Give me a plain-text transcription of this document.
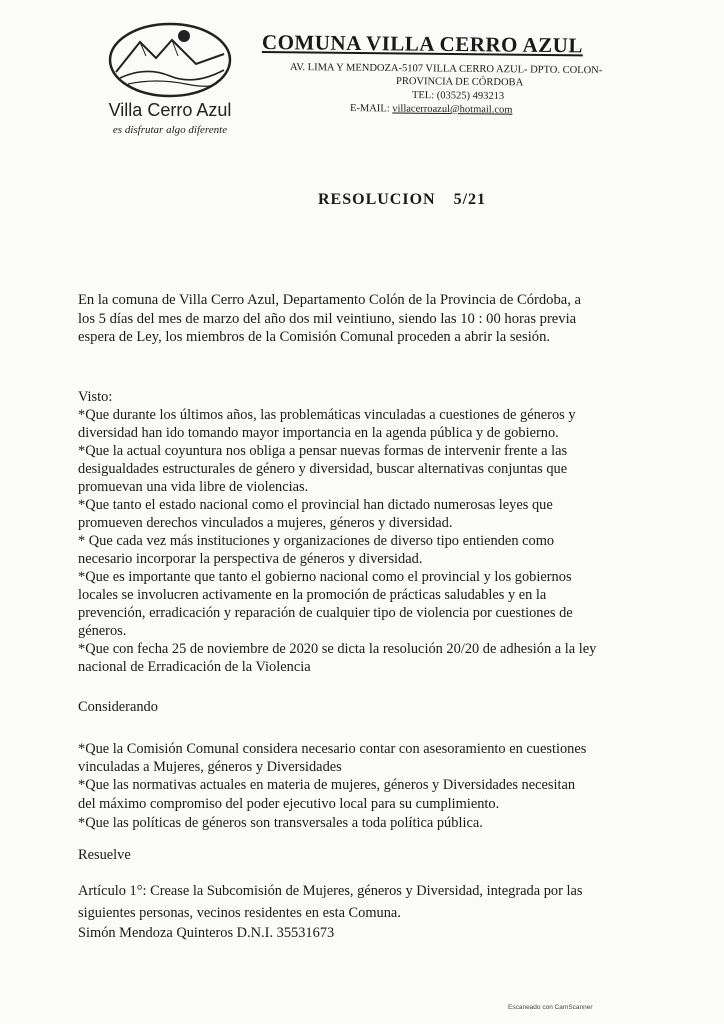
Villa Cerro Azul
es disfrutar algo diferente
COMUNA VILLA CERRO AZUL
AV. LIMA Y MENDOZA-5107 VILLA CERRO AZUL- DPTO. COLON-
PROVINCIA DE CÓRDOBA
TEL: (03525) 493213
E-MAIL: villacerroazul@hotmail.com
RESOLUCION 5/21
En la comuna de Villa Cerro Azul, Departamento Colón de la Provincia de Córdoba, a
los 5 días del mes de marzo del año dos mil veintiuno, siendo las 10 : 00 horas previa
espera de Ley, los miembros de la Comisión Comunal proceden a abrir la sesión.
Visto:
*Que durante los últimos años, las problemáticas vinculadas a cuestiones de géneros y
diversidad han ido tomando mayor importancia en la agenda pública y de gobierno.
*Que la actual coyuntura nos obliga a pensar nuevas formas de intervenir frente a las
desigualdades estructurales de género y diversidad, buscar alternativas conjuntas que
promuevan una vida libre de violencias.
*Que tanto el estado nacional como el provincial han dictado numerosas leyes que
promueven derechos vinculados a mujeres, géneros y diversidad.
* Que cada vez más instituciones y organizaciones de diverso tipo entienden como
necesario incorporar la perspectiva de géneros y diversidad.
*Que es importante que tanto el gobierno nacional como el provincial y los gobiernos
locales se involucren activamente en la promoción de prácticas saludables y en la
prevención, erradicación y reparación de cualquier tipo de violencia por cuestiones de
géneros.
*Que con fecha 25 de noviembre de 2020 se dicta la resolución 20/20 de adhesión a la ley
nacional de Erradicación de la Violencia
Considerando
*Que la Comisión Comunal considera necesario contar con asesoramiento en cuestiones
vinculadas a Mujeres, géneros y Diversidades
*Que las normativas actuales en materia de mujeres, géneros y Diversidades necesitan
del máximo compromiso del poder ejecutivo local para su cumplimiento.
*Que las políticas de géneros son transversales a toda política pública.
Resuelve
Artículo 1°: Crease la Subcomisión de Mujeres, géneros y Diversidad, integrada por las
siguientes personas, vecinos residentes en esta Comuna.
Simón Mendoza Quinteros D.N.I. 35531673
Escaneado con CamScanner
